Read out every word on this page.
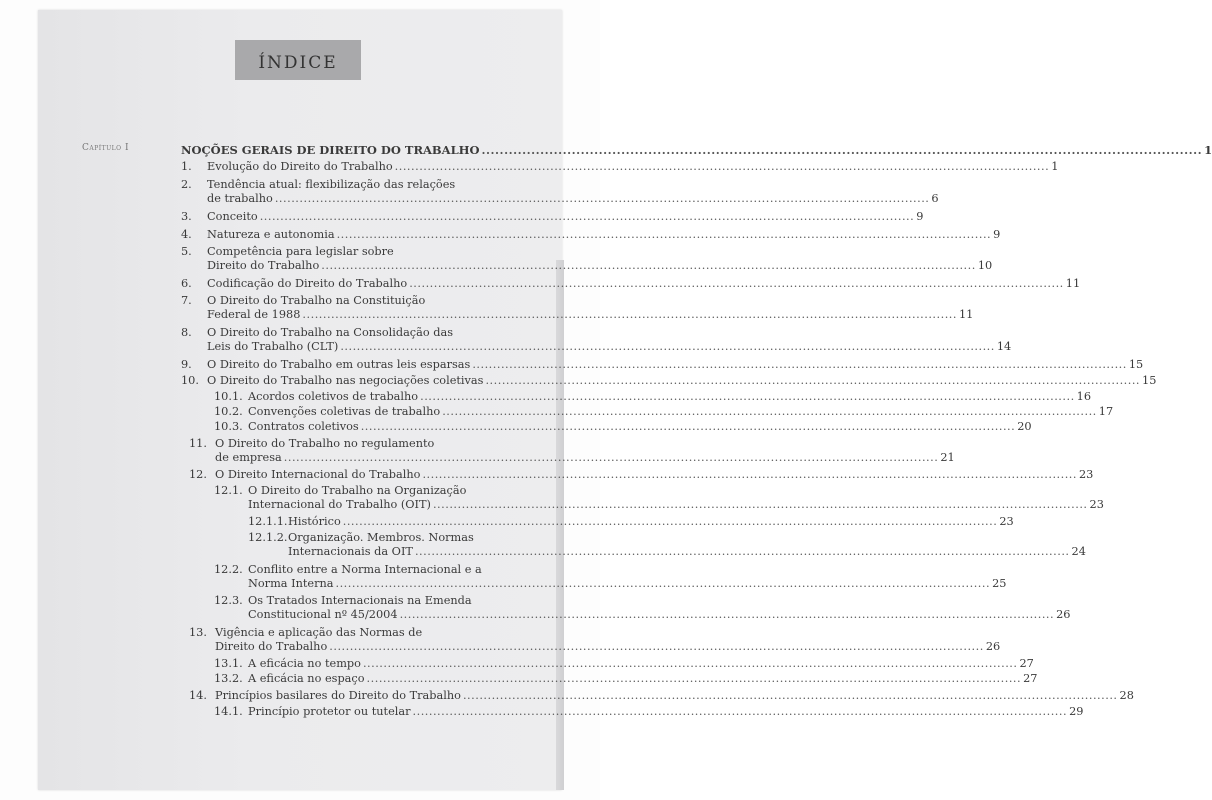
ÍNDICE
Capítulo I	NOÇÕES GERAIS DE DIREITO DO TRABALHO .....	1
1.	Evolução do Direito do Trabalho .....	1
2.	Tendência atual: flexibilização das relações
de trabalho .....	6
3.	Conceito .....	9
4.	Natureza e autonomia .....	9
5.	Competência para legislar sobre
Direito do Trabalho .....	10
6.	Codificação do Direito do Trabalho .....	11
7.	O Direito do Trabalho na Constituição
Federal de 1988 .....	11
8.	O Direito do Trabalho na Consolidação das
Leis do Trabalho (CLT) .....	14
9.	O Direito do Trabalho em outras leis esparsas .....	15
10. O Direito do Trabalho nas negociações coletivas .....	15
10.1. Acordos coletivos de trabalho .....	16
10.2. Convenções coletivas de trabalho .....	17
10.3. Contratos coletivos .....	20
11. O Direito do Trabalho no regulamento
de empresa .....	21
12. O Direito Internacional do Trabalho .....	23
12.1. O Direito do Trabalho na Organização
Internacional do Trabalho (OIT) .....	23
12.1.1. Histórico .....	23
12.1.2. Organização. Membros. Normas
Internacionais da OIT .....	24
12.2. Conflito entre a Norma Internacional e a
Norma Interna .....	25
12.3. Os Tratados Internacionais na Emenda
Constitucional nº 45/2004 .....	26
13. Vigência e aplicação das Normas de
Direito do Trabalho .....	26
13.1. A eficácia no tempo .....	27
13.2. A eficácia no espaço .....	27
14. Princípios basilares do Direito do Trabalho .....	28
14.1. Princípio protetor ou tutelar .....	29
